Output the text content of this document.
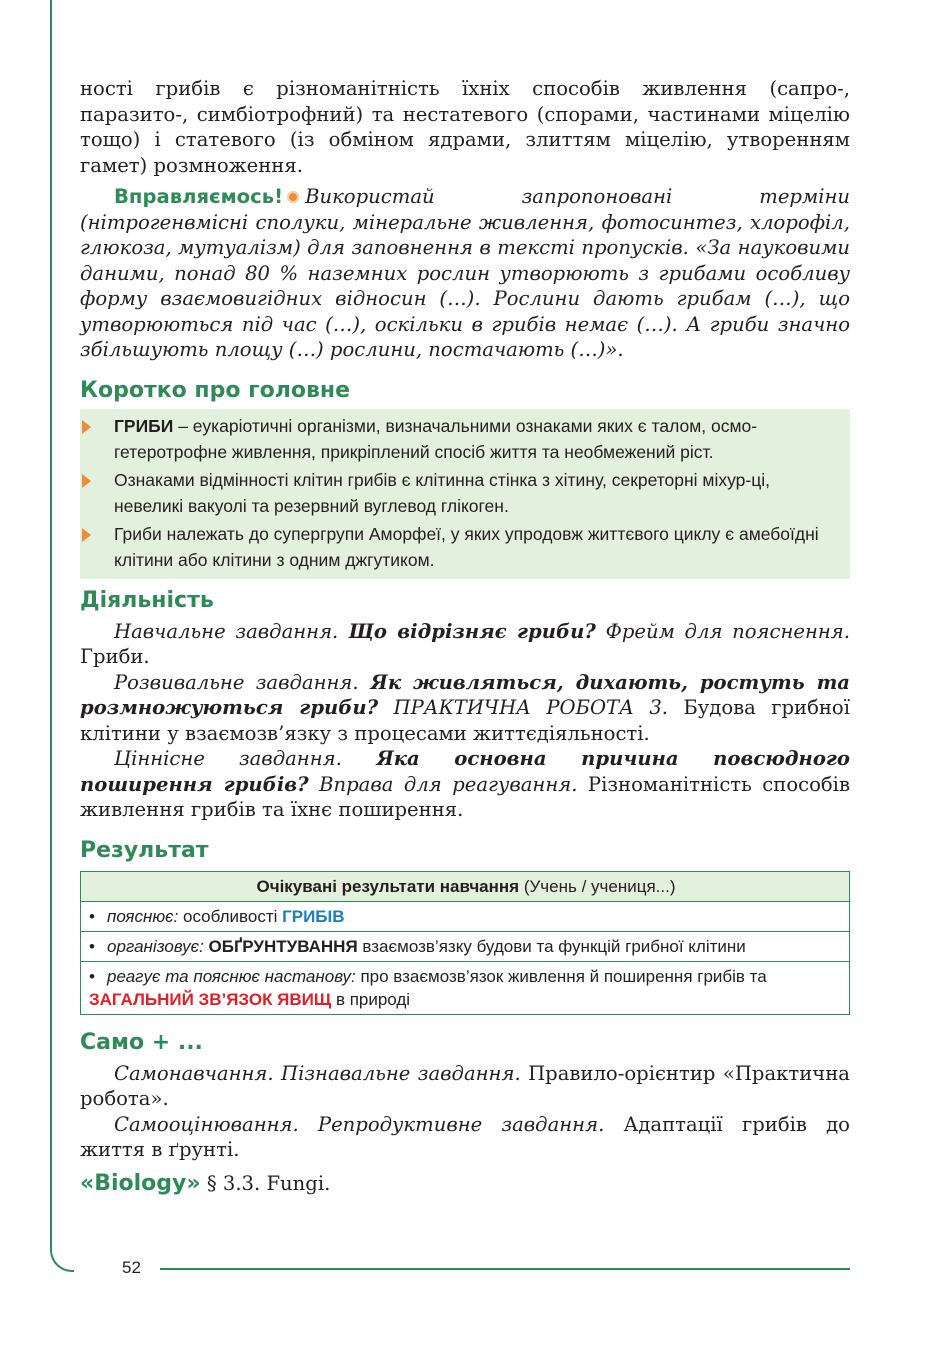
52

ності грибів є різноманітність їхніх способів живлення (сапро-, паразито-, симбіотрофний) та нестатевого (спорами, частинами міцелію тощо) і статевого (із обміном ядрами, злиттям міцелію, утворенням гамет) розмноження.

Вправляємось! Використай запропоновані терміни (нітрогенвмісні сполуки, мінеральне живлення, фотосинтез, хлорофіл, глюкоза, мутуалізм) для заповнення в тексті пропусків. «За науковими даними, понад 80 % наземних рослин утворюють з грибами особливу форму взаємовигідних відносин (…). Рослини дають грибам (…), що утворюються під час (…), оскільки в грибів немає (…). А гриби значно збільшують площу (…) рослини, постачають (…)».

Коротко про головне
ГРИБИ – еукаріотичні організми, визначальними ознаками яких є талом, осмо-гетеротрофне живлення, прикріплений спосіб життя та необмежений ріст.
Ознаками відмінності клітин грибів є клітинна стінка з хітину, секреторні міхур-ці, невеликі вакуолі та резервний вуглевод глікоген.
Гриби належать до супергрупи Аморфеї, у яких упродовж життєвого циклу є амебоїдні клітини або клітини з одним джгутиком.
Діяльність

Навчальне завдання. Що відрізняє гриби? Фрейм для пояснення. Гриби.

Розвивальне завдання. Як живляться, дихають, ростуть та розмножуються гриби? ПРАКТИЧНА РОБОТА 3. Будова грибної клітини у взаємозв’язку з процесами життєдіяльності.

Ціннісне завдання. Яка основна причина повсюдного поширення грибів? Вправа для реагування. Різноманітність способів живлення грибів та їхнє поширення.

Результат
Очікувані результати навчання (Учень / учениця...)
• пояснює: особливості ГРИБІВ
• організовує: ОБҐРУНТУВАННЯ взаємозв’язку будови та функцій грибної клітини
• реагує та пояснює настанову: про взаємозв’язок живлення й поширення грибів та ЗАГАЛЬНИЙ ЗВ’ЯЗОК ЯВИЩ в природі
Само + ...

Самонавчання. Пізнавальне завдання. Правило-орієнтир «Практична робота».

Самооцінювання. Репродуктивне завдання. Адаптації грибів до життя в ґрунті.

«Biology» § 3.3. Fungi.
